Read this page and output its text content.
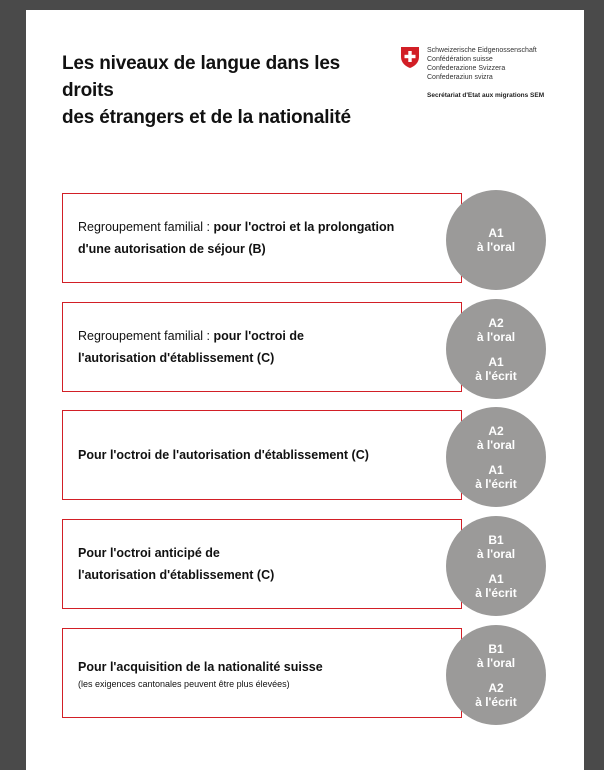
Les niveaux de langue dans les droits
des étrangers et de la nationalité
Schweizerische Eidgenossenschaft
Confédération suisse
Confederazione Svizzera
Confederaziun svizra
Secrétariat d'Etat aux migrations SEM
Regroupement familial : pour l'octroi et la prolongation
d'une autorisation de séjour (B)
A1
à l'oral
Regroupement familial : pour l'octroi de
l'autorisation d'établissement (C)
A2
à l'oral
A1
à l'écrit
Pour l'octroi de l'autorisation d'établissement (C)
A2
à l'oral
A1
à l'écrit
Pour l'octroi anticipé de
l'autorisation d'établissement (C)
B1
à l'oral
A1
à l'écrit
Pour l'acquisition de la nationalité suisse
(les exigences cantonales peuvent être plus élevées)
B1
à l'oral
A2
à l'écrit
